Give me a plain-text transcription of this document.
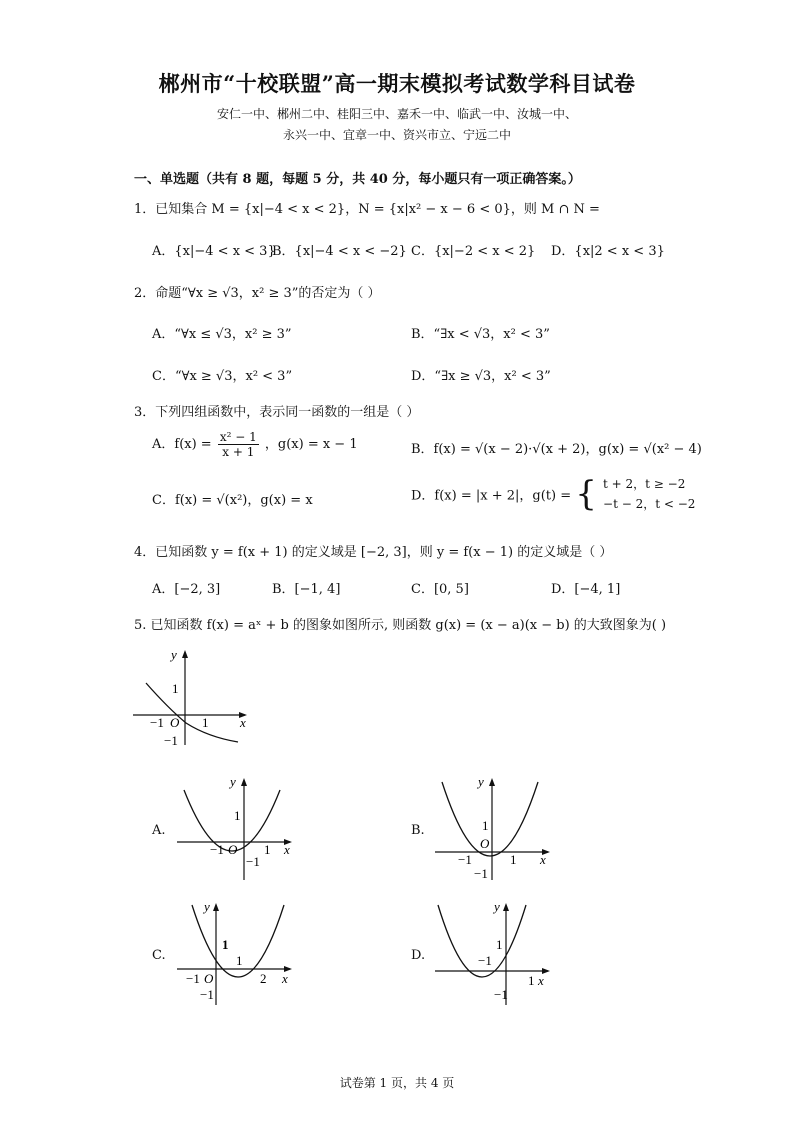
郴州市“十校联盟”高一期末模拟考试数学科目试卷
安仁一中、郴州二中、桂阳三中、嘉禾一中、临武一中、汝城一中、
永兴一中、宜章一中、资兴市立、宁远二中
一、单选题（共有 8 题，每题 5 分，共 40 分，每小题只有一项正确答案。）
1．已知集合 M = {x|−4 < x < 2}，N = {x|x² − x − 6 < 0}，则 M ∩ N =
A．{x|−4 < x < 3}
B．{x|−4 < x < −2} C．{x|−2 < x < 2} D．{x|2 < x < 3}
2．命题“∀x ≥ √3，x² ≥ 3”的否定为（ ）
A．“∀x ≤ √3，x² ≥ 3”	B．“∃x < √3，x² < 3”
C．“∀x ≥ √3，x² < 3”	D．“∃x ≥ √3，x² < 3”
3．下列四组函数中，表示同一函数的一组是（ ）
A．$f(x) = \frac{\text{x² − 1}}{x + 1}$ ，g(x) = x − 1	B．f(x) = √(x − 2)·√(x + 2)，g(x) = √(x² − 4)
C．f(x) = √(x²)，g(x) = x	D．f(x) = |x + 2|，g(t) = { t + 2，t ≥ −2
−t − 2，t < −2
4．已知函数 y = f(x + 1) 的定义域是 [−2, 3]，则 y = f(x − 1) 的定义域是（ ）
A．[−2, 3]	B．[−1, 4]	C．[0, 5]	D．[−4, 1]
5. 已知函数 f(x) = aˣ + b 的图象如图所示, 则函数 g(x) = (x − a)(x − b) 的大致图象为( )
y
x
1
−1 O 1
−1
A.
y
x
1
−1 O 1
−1
B.
y
x
1
−1
O
1
−1
C.
y
x
1
1
−1 O	2
−1
D.
y
x
1
−1
1
−1
试卷第 1 页，共 4 页
